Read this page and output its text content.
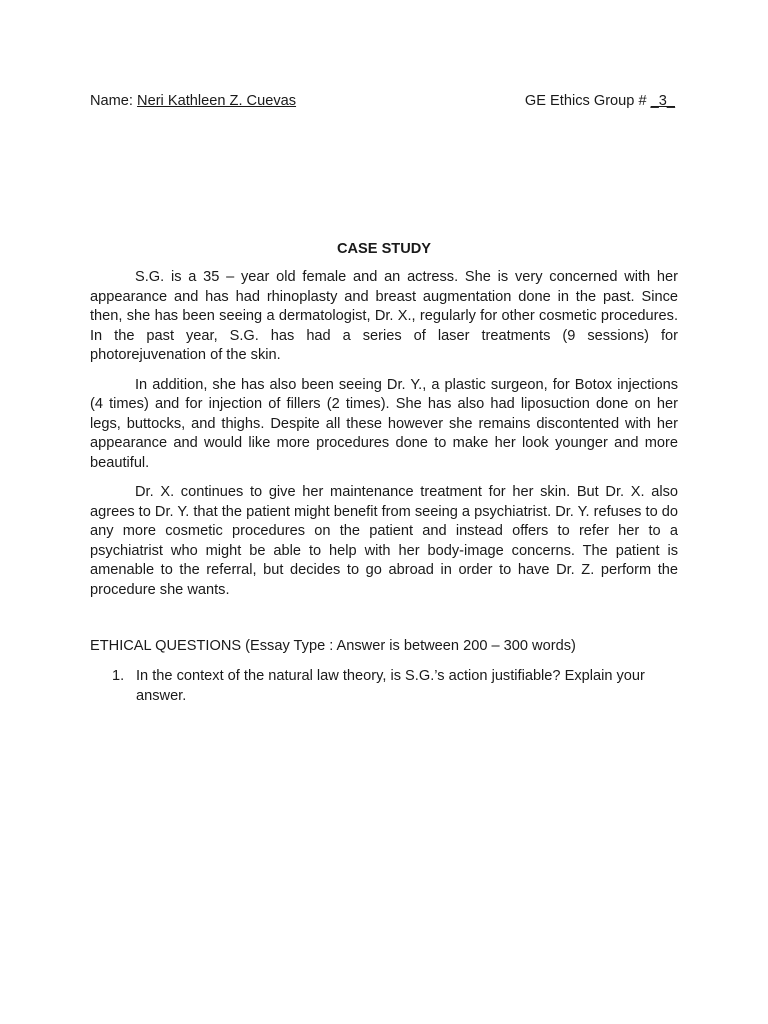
Name: Neri Kathleen Z. Cuevas	GE Ethics Group # _3_
CASE STUDY

S.G. is a 35 – year old female and an actress. She is very concerned with her appearance and has had rhinoplasty and breast augmentation done in the past. Since then, she has been seeing a dermatologist, Dr. X., regularly for other cosmetic procedures. In the past year, S.G. has had a series of laser treatments (9 sessions) for photorejuvenation of the skin.

In addition, she has also been seeing Dr. Y., a plastic surgeon, for Botox injections (4 times) and for injection of fillers (2 times). She has also had liposuction done on her legs, buttocks, and thighs. Despite all these however she remains discontented with her appearance and would like more procedures done to make her look younger and more beautiful.

Dr. X. continues to give her maintenance treatment for her skin. But Dr. X. also agrees to Dr. Y. that the patient might benefit from seeing a psychiatrist. Dr. Y. refuses to do any more cosmetic procedures on the patient and instead offers to refer her to a psychiatrist who might be able to help with her body-image concerns. The patient is amenable to the referral, but decides to go abroad in order to have Dr. Z. perform the procedure she wants.

ETHICAL QUESTIONS (Essay Type : Answer is between 200 – 300 words)
1. In the context of the natural law theory, is S.G.’s action justifiable? Explain your answer.
